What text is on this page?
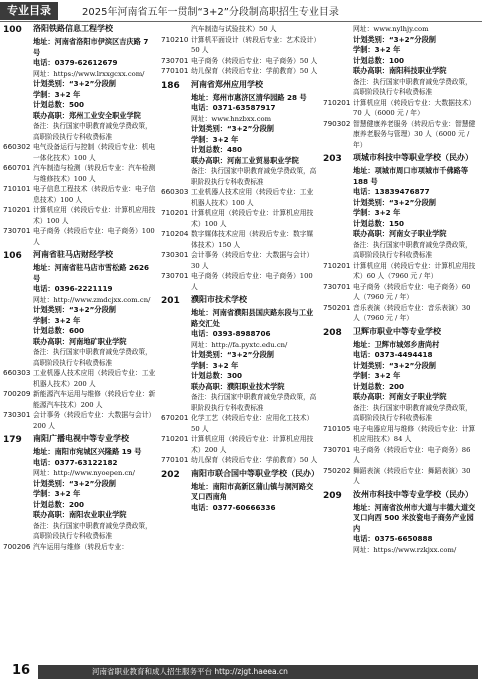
专业目录	2025年河南省五年一贯制“3+2”分段制高职招生专业目录
100	洛阳铁路信息工程学校
地址：河南省洛阳市伊滨区吉庆路 7 号
电话：0379-62612679
网址：https://www.lrxxgcxx.com/
计划类别：“3+2”分段制
学制：3+2 年
计划总数：500
联办高职：郑州工业安全职业学院
备注：执行国家中职教育减免学费政策，高职阶段执行专科收费标准
660302 电气设备运行与控制（转段后专业：机电一体化技术）100 人
660701 汽车制造与检测（转段后专业：汽车检测与维修技术）100 人
710101 电子信息工程技术（转段后专业：电子信息技术）100 人
710201 计算机应用（转段后专业：计算机应用技术）100 人
730701 电子商务（转段后专业：电子商务）100 人
106	河南省驻马店财经学校
地址：河南省驻马店市雪松路 2626 号
电话：0396-2221119
网址：http://www.zmdcjxx.com.cn/
计划类别：“3+2”分段制
学制：3+2 年
计划总数：600
联办高职：河南地矿职业学院
备注：执行国家中职教育减免学费政策，高职阶段执行专科收费标准
660303 工业机器人技术应用（转段后专业：工业机器人技术）200 人
700209 新能源汽车运用与维修（转段后专业：新能源汽车技术）200 人
730301 会计事务（转段后专业：大数据与会计）200 人
179	南阳广播电视中等专业学校
地址：南阳市宛城区兴隆路 19 号
电话：0377-63122182
网址：http://www.nyoepen.cn/
计划类别：“3+2”分段制
学制：3+2 年
计划总数：200
联办高职：南阳农业职业学院
备注：执行国家中职教育减免学费政策，高职阶段执行专科收费标准
700206 汽车运用与维修（转段后专业：
汽车制造与试验技术）50 人
710210 计算机平面设计（转段后专业：艺术设计）50 人
730701 电子商务（转段后专业：电子商务）50 人
770101 幼儿保育（转段后专业：学前教育）50 人
186	河南省郑州应用学校
地址：郑州市惠济区清华园路 28 号
电话：0371-63587917
网址：www.hnzbxx.com
计划类别：“3+2”分段制
学制：3+2 年
计划总数：480
联办高职：河南工业贸易职业学院
备注：执行国家中职教育减免学费政策，高职阶段执行专科收费标准
660303 工业机器人技术应用（转段后专业：工业机器人技术）100 人
710201 计算机应用（转段后专业：计算机应用技术）100 人
710204 数字媒体技术应用（转段后专业：数字媒体技术）150 人
730301 会计事务（转段后专业：大数据与会计）30 人
730701 电子商务（转段后专业：电子商务）100 人
201	濮阳市技术学校
地址：河南省濮阳县国庆路东段与工业路交汇处
电话：0393-8988706
网址：http://fa.pyxtc.edu.cn/
计划类别：“3+2”分段制
学制：3+2 年
计划总数：300
联办高职：濮阳职业技术学院
备注：执行国家中职教育减免学费政策，高职阶段执行专科收费标准
670201 化学工艺（转段后专业：应用化工技术）50 人
710201 计算机应用（转段后专业：计算机应用技术）200 人
770101 幼儿保育（转段后专业：学前教育）50 人
202	南阳市联合国中等职业学校（民办）
地址：南阳市高新区蒲山镇与洞河路交叉口西南角
电话：0377-60666336
网址：www.nylhjy.com
计划类别：“3+2”分段制
学制：3+2 年
计划总数：100
联办高职：南阳科技职业学院
备注：执行国家中职教育减免学费政策，高职阶段执行专科收费标准
710201 计算机应用（转段后专业：大数据技术）70 人（6000 元 / 年）
790302 智慧健康养老服务（转段后专业：智慧健康养老服务与管理）30 人（6000 元 / 年）
203	项城市科技中等职业学校（民办）
地址：项城市周口市项城市千佛路等 188 号
电话：13839476877
计划类别：“3+2”分段制
学制：3+2 年
计划总数：150
联办高职：河南女子职业学院
备注：执行国家中职教育减免学费政策，高职阶段执行专科收费标准
710201 计算机应用（转段后专业：计算机应用技术）60 人（7960 元 / 年）
730701 电子商务（转段后专业：电子商务）60 人（7960 元 / 年）
750201 音乐表演（转段后专业：音乐表演）30 人（7960 元 / 年）
208	卫辉市职业中等专业学校
地址：卫辉市城郊乡唐尚村
电话：0373-4494418
计划类别：“3+2”分段制
学制：3+2 年
计划总数：200
联办高职：河南女子职业学院
备注：执行国家中职教育减免学费政策，高职阶段执行专科收费标准
710105 电子电器应用与维修（转段后专业：计算机应用技术）84 人
730701 电子商务（转段后专业：电子商务）86 人
750202 舞蹈表演（转段后专业：舞蹈表演）30 人
209	汝州市科技中等专业学校（民办）
地址：河南省汝州市大道与丰德大道交叉口向西 500 米汝瓷电子商务产业园内
电话：0375-6650888
网址：https://www.rzkjxx.com/
16	河南省职业教育和成人招生服务平台 http://zjgt.haeea.cn
